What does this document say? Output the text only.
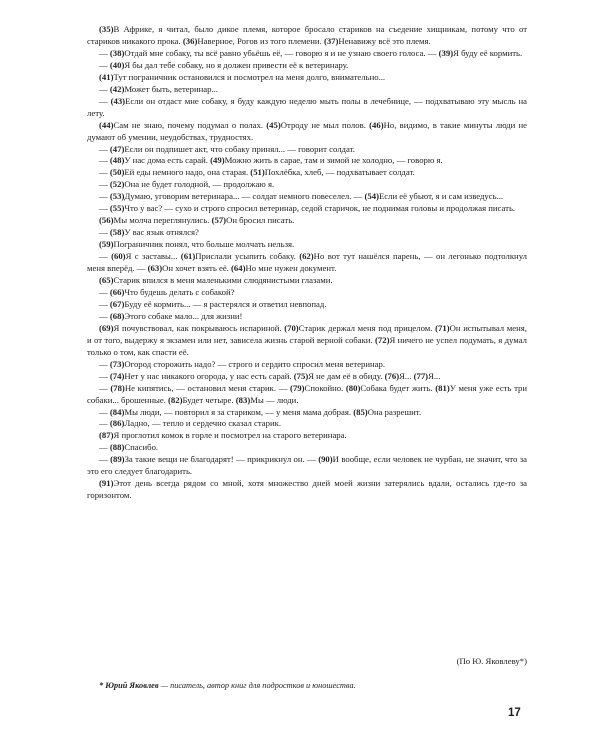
(35)В Африке, я читал, было дикое племя, которое бросало стариков на съедение хищникам, потому что от стариков никакого прока. (36)Наверное, Рогов из того племени. (37)Ненавижу всё это племя.

— (38)Отдай мне собаку, ты всё равно убьёшь её, — говорю я и не узнаю своего голоса. — (39)Я буду её кормить.

— (40)Я бы дал тебе собаку, но я должен привести её к ветеринару.

(41)Тут пограничник остановился и посмотрел на меня долго, внимательно...

— (42)Может быть, ветеринар...

— (43)Если он отдаст мне собаку, я буду каждую неделю мыть полы в лечебнице, — подхватываю эту мысль на лету.

(44)Сам не знаю, почему подумал о полах. (45)Отроду не мыл полов. (46)Но, видимо, в такие минуты люди не думают об умении, неудобствах, трудностях.

— (47)Если он подпишет акт, что собаку принял... — говорит солдат.

— (48)У нас дома есть сарай. (49)Можно жить в сарае, там и зимой не холодно, — говорю я.

— (50)Ей еды немного надо, она старая. (51)Похлёбка, хлеб, — подхватывает солдат.

— (52)Она не будет голодной, — продолжаю я.

— (53)Думаю, уговорим ветеринара... — солдат немного повеселел. — (54)Если её убьют, я и сам изведусь...

— (55)Что у вас? — сухо и строго спросил ветеринар, седой старичок, не поднимая головы и продолжая писать.

(56)Мы молча переглянулись. (57)Он бросил писать.

— (58)У вас язык отнялся?

(59)Пограничник понял, что больше молчать нельзя.

— (60)Я с заставы... (61)Прислали усыпить собаку. (62)Но вот тут нашёлся парень, — он легонько подтолкнул меня вперёд. — (63)Он хочет взять её. (64)Но мне нужен документ.

(65)Старик впился в меня маленькими слюдянистыми глазами.

— (66)Что будешь делать с собакой?

— (67)Буду её кормить... — я растерялся и ответил невпопад.

— (68)Этого собаке мало... для жизни!

(69)Я почувствовал, как покрываюсь испариной. (70)Старик держал меня под прицелом. (71)Он испытывал меня, и от того, выдержу я экзамен или нет, зависела жизнь старой верной собаки. (72)Я ничего не успел подумать, я думал только о том, как спасти её.

— (73)Огород сторожить надо? — строго и сердито спросил меня ветеринар.

— (74)Нет у нас никакого огорода, у нас есть сарай. (75)Я не дам её в обиду. (76)Я... (77)Я...

— (78)Не кипятись, — остановил меня старик. — (79)Спокойно. (80)Собака будет жить. (81)У меня уже есть три собаки... брошенные. (82)Будет четыре. (83)Мы — люди.

— (84)Мы люди, — повторил я за стариком, — у меня мама добрая. (85)Она разрешит.

— (86)Ладно, — тепло и сердечно сказал старик.

(87)Я проглотил комок в горле и посмотрел на старого ветеринара.

— (88)Спасибо.

— (89)За такие вещи не благодарят! — прикрикнул он. — (90)И вообще, если человек не чурбан, не значит, что за это его следует благодарить.

(91)Этот день всегда рядом со мной, хотя множество дней моей жизни затерялись вдали, остались где-то за горизонтом.

(По Ю. Яковлеву*)
* Юрий Яковлев — писатель, автор книг для подростков и юношества.
17
